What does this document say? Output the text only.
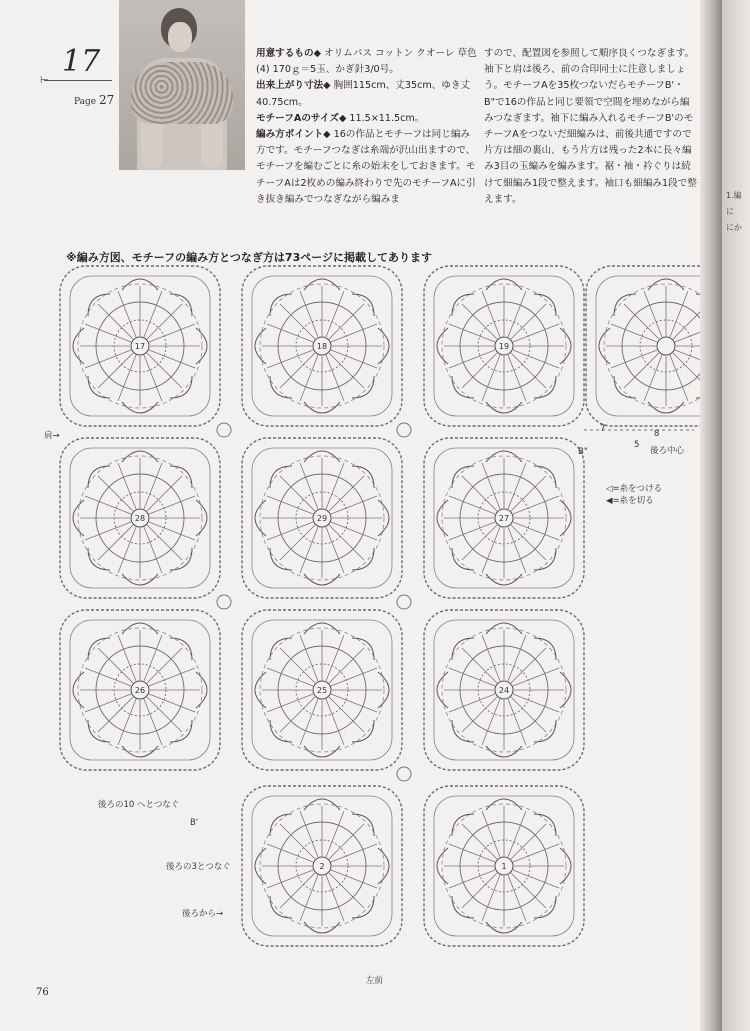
17
⊢
Page 27

用意するもの◆ オリムパス コットン クオーレ 草色(4) 170ｇ＝5玉、かぎ針3/0号。

出来上がり寸法◆ 胸囲115cm、丈35cm、ゆき丈40.75cm。

モチーフAのサイズ◆ 11.5×11.5cm。

編み方ポイント◆ 16の作品とモチーフは同じ編み方です。モチーフつなぎは糸端が沢山出ますので、モチーフを編むごとに糸の始末をしておきます。モチーフAは2枚めの編み終わりで先のモチーフAに引き抜き編みでつなぎながら編みま

すので、配置図を参照して順序良くつなぎます。袖下と肩は後ろ、前の合印同士に注意しましょう。モチーフAを35枚つないだらモチーフB'・B"で16の作品と同じ要領で空間を埋めながら編みつなぎます。袖下に編み入れるモチーフB'のモチーフAをつないだ細編みは、前後共通ですので片方は細の裏山、もう片方は残った2本に長々編み3目の玉編みを編みます。裾・袖・衿ぐりは続けて細編み1段で整えます。袖口も細編み1段で整えます。

※編み方図、モチーフの編み方とつなぎ方は73ページに掲載してあります
17	18	19
28	29	27
26	25	24
2	1
肩→
B"
7
5
8
後ろ中心
◁=糸をつける
◀=糸を切る
後ろの10 へとつなぐ
B'
後ろの3とつなぐ
後ろから→
左前
76
1.編
に
にか
